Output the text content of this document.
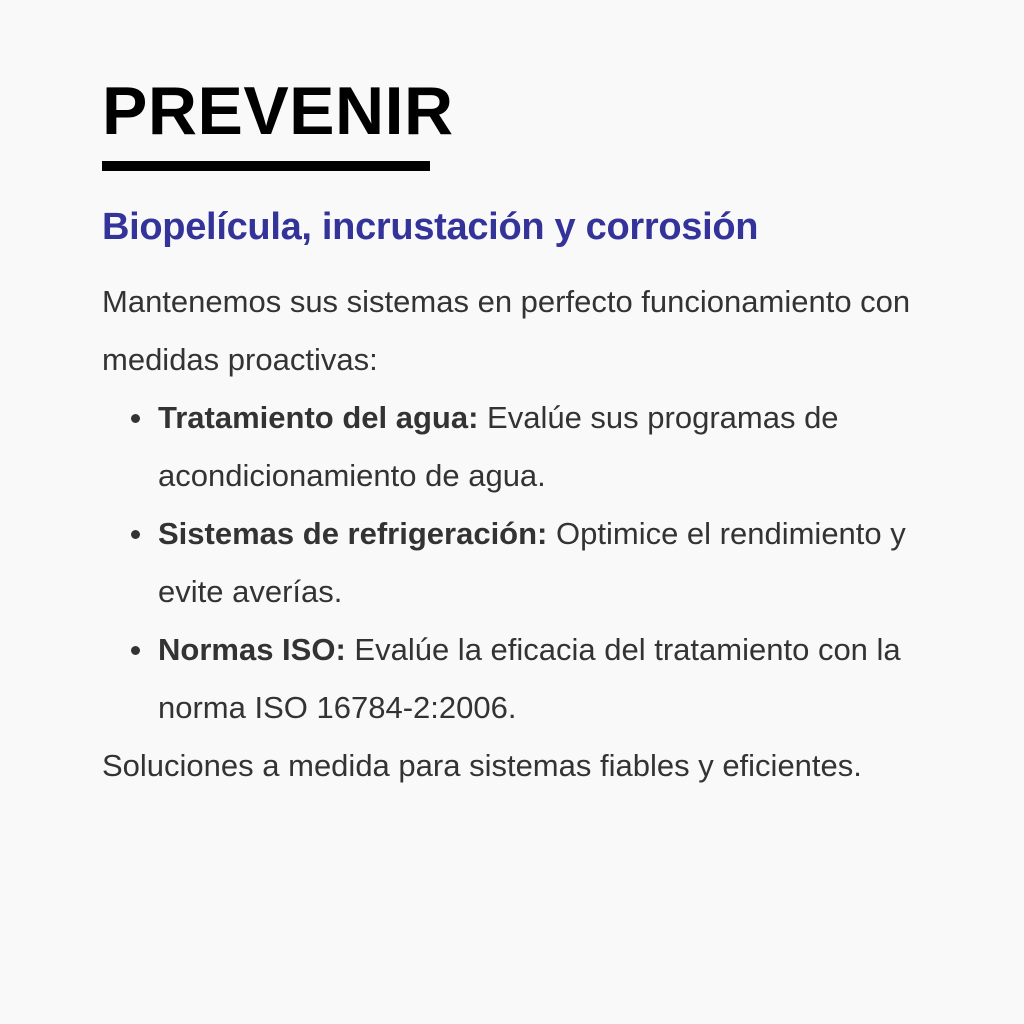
PREVENIR
Biopelícula, incrustación y corrosión

Mantenemos sus sistemas en perfecto funcionamiento con medidas proactivas:

Tratamiento del agua: Evalúe sus programas de acondicionamiento de agua.
Sistemas de refrigeración: Optimice el rendimiento y evite averías.
Normas ISO: Evalúe la eficacia del tratamiento con la norma ISO 16784-2:2006.

Soluciones a medida para sistemas fiables y eficientes.
